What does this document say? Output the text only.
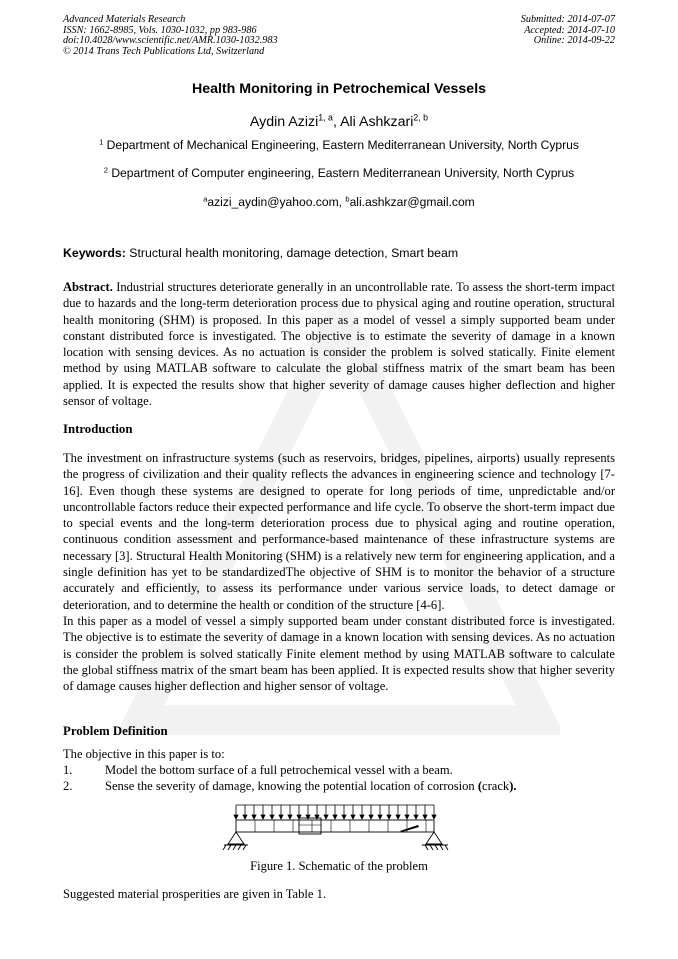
Advanced Materials Research
ISSN: 1662-8985, Vols. 1030-1032, pp 983-986
doi:10.4028/www.scientific.net/AMR.1030-1032.983
© 2014 Trans Tech Publications Ltd, Switzerland
Submitted: 2014-07-07
Accepted: 2014-07-10
Online: 2014-09-22
Health Monitoring in Petrochemical Vessels
Aydin Azizi$^{1, a}$, Ali Ashkzari$^{2, b}$
$^1$ Department of Mechanical Engineering, Eastern Mediterranean University, North Cyprus
$^2$ Department of Computer engineering, Eastern Mediterranean University, North Cyprus
$^a$azizi_aydin@yahoo.com, $^b$ali.ashkzar@gmail.com
Keywords: Structural health monitoring, damage detection, Smart beam
Abstract. Industrial structures deteriorate generally in an uncontrollable rate. To assess the short-term impact due to hazards and the long-term deterioration process due to physical aging and routine operation, structural health monitoring (SHM) is proposed. In this paper as a model of vessel a simply supported beam under constant distributed force is investigated. The objective is to estimate the severity of damage in a known location with sensing devices. As no actuation is consider the problem is solved statically. Finite element method by using MATLAB software to calculate the global stiffness matrix of the smart beam has been applied. It is expected the results show that higher severity of damage causes higher deflection and higher sensor of voltage.
Introduction
The investment on infrastructure systems (such as reservoirs, bridges, pipelines, airports) usually represents the progress of civilization and their quality reflects the advances in engineering science and technology [7-16]. Even though these systems are designed to operate for long periods of time, unpredictable and/or uncontrollable factors reduce their expected performance and life cycle. To observe the short-term impact due to special events and the long-term deterioration process due to physical aging and routine operation, continuous condition assessment and performance-based maintenance of these infrastructure systems are necessary [3]. Structural Health Monitoring (SHM) is a relatively new term for engineering application, and a single definition has yet to be standardizedThe objective of SHM is to monitor the behavior of a structure accurately and efficiently, to assess its performance under various service loads, to detect damage or deterioration, and to determine the health or condition of the structure [4-6].
In this paper as a model of vessel a simply supported beam under constant distributed force is investigated. The objective is to estimate the severity of damage in a known location with sensing devices. As no actuation is consider the problem is solved statically Finite element method by using MATLAB software to calculate the global stiffness matrix of the smart beam has been applied. It is expected results show that higher severity of damage causes higher deflection and higher sensor of voltage.
Problem Definition
The objective in this paper is to:
1.	Model the bottom surface of a full petrochemical vessel with a beam.
2.	Sense the severity of damage, knowing the potential location of corrosion (crack).
Figure 1. Schematic of the problem
Suggested material prosperities are given in Table 1.
